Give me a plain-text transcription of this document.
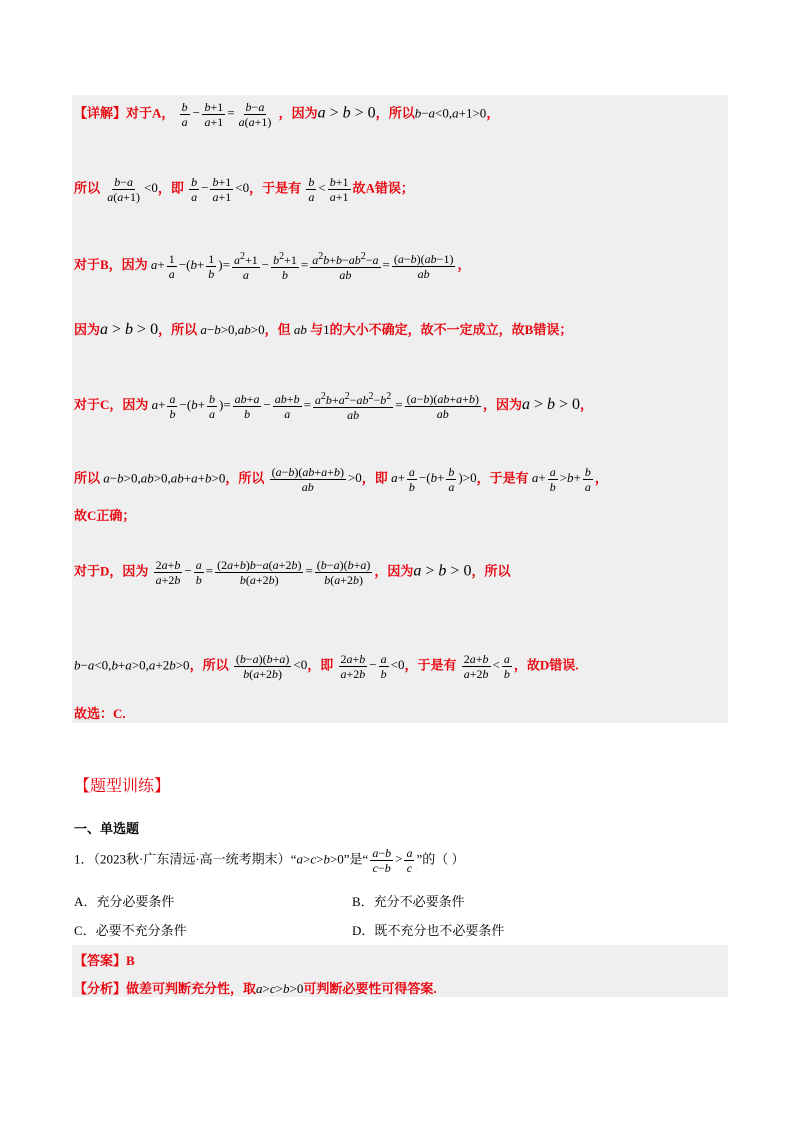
【详解】对于A， $\frac{b}{a} - \frac{b+1}{a+1} = \frac{b-a}{a(a+1)}$ ，因为a > b > 0，所以b−a<0,a+1>0，
所以 $\frac{b-a}{a(a+1)} <0$，即 $\frac{b}{a} - \frac{b+1}{a+1} <0$，于是有 $\frac{b}{a} < \frac{b+1}{a+1}$ 故A错误；
对于B，因为 $a+ \frac{1}{a} -(b+ \frac{1}{b}$ )= $\frac{a^2+1}{a} - \frac{b^2+1}{b} = \frac{a^2b+b-ab^2-a}{ab} = \frac{(a-b)(ab-1)}{ab}$ ，
因为a > b > 0，所以 a−b>0,ab>0，但 ab 与1的大小不确定，故不一定成立，故B错误；
对于C，因为 $a+ \frac{a}{b} -(b+ \frac{b}{a}$ )= $\frac{ab+a}{b} - \frac{ab+b}{a} = \frac{a^2b+a^2-ab^2-b^2}{ab} = \frac{(a-b)(ab+a+b)}{ab}$ ，因为a > b > 0，
所以 a−b>0,ab>0,ab+a+b>0，所以 $\frac{(a-b)(ab+a+b)}{ab} >0$，即 $a+ \frac{a}{b} -(b+ \frac{b}{a} )>0$，于是有 $a+ \frac{a}{b} >b+ \frac{b}{a}$ ，
故C正确；
对于D，因为 $\frac{2a+b}{a+2b} - \frac{a}{b} = \frac{(2a+b)b-a(a+2b)}{b(a+2b)} = \frac{(b-a)(b+a)}{b(a+2b)}$ ，因为a > b > 0，所以
b−a<0,b+a>0,a+2b>0，所以 $\frac{(b-a)(b+a)}{b(a+2b)} <0$，即 $\frac{2a+b}{a+2b} - \frac{a}{b} <0$，于是有 $\frac{2a+b}{a+2b} < \frac{a}{b}$ ，故D错误.
故选：C.
【题型训练】
一、单选题
1．（2023秋·广东清远·高一统考期末）“a>c>b>0”是“ $\frac{a-b}{c-b} > \frac{a}{c}$ ”的（ ）
A．充分必要条件	B．充分不必要条件
C．必要不充分条件	D．既不充分也不必要条件
【答案】B
【分析】做差可判断充分性，取a>c>b>0可判断必要性可得答案.
